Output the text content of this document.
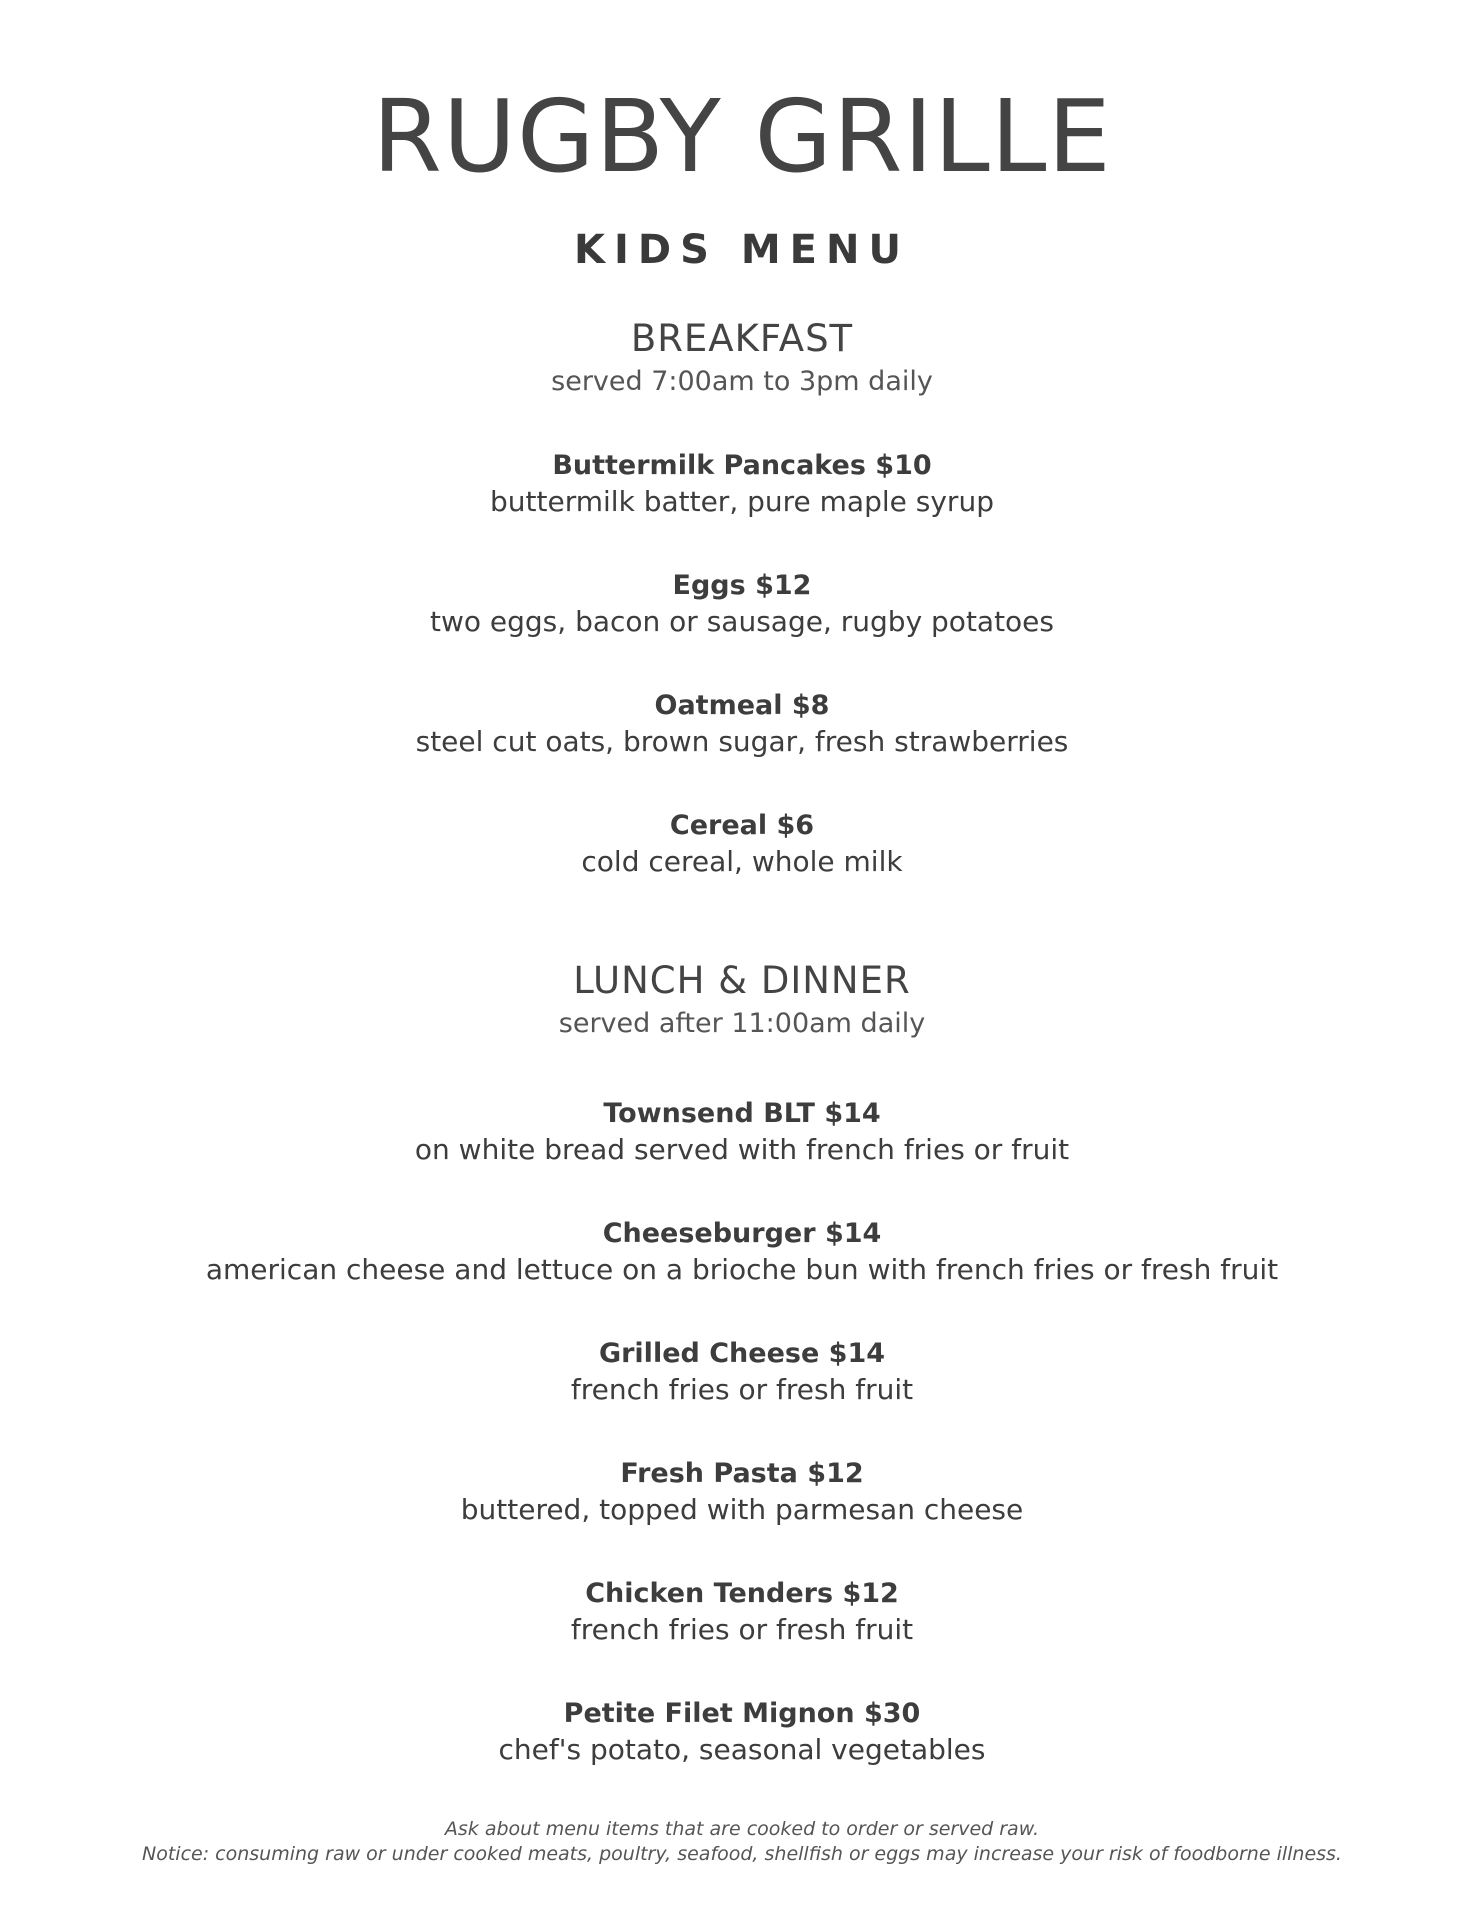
RUGBY GRILLE
KIDS MENU
BREAKFAST
served 7:00am to 3pm daily
Buttermilk Pancakes $10
buttermilk batter, pure maple syrup
Eggs $12
two eggs, bacon or sausage, rugby potatoes
Oatmeal $8
steel cut oats, brown sugar, fresh strawberries
Cereal $6
cold cereal, whole milk
LUNCH & DINNER
served after 11:00am daily
Townsend BLT $14
on white bread served with french fries or fruit
Cheeseburger $14
american cheese and lettuce on a brioche bun with french fries or fresh fruit
Grilled Cheese $14
french fries or fresh fruit
Fresh Pasta $12
buttered, topped with parmesan cheese
Chicken Tenders $12
french fries or fresh fruit
Petite Filet Mignon $30
chef's potato, seasonal vegetables
Ask about menu items that are cooked to order or served raw.
Notice: consuming raw or under cooked meats, poultry, seafood, shellfish or eggs may increase your risk of foodborne illness.
